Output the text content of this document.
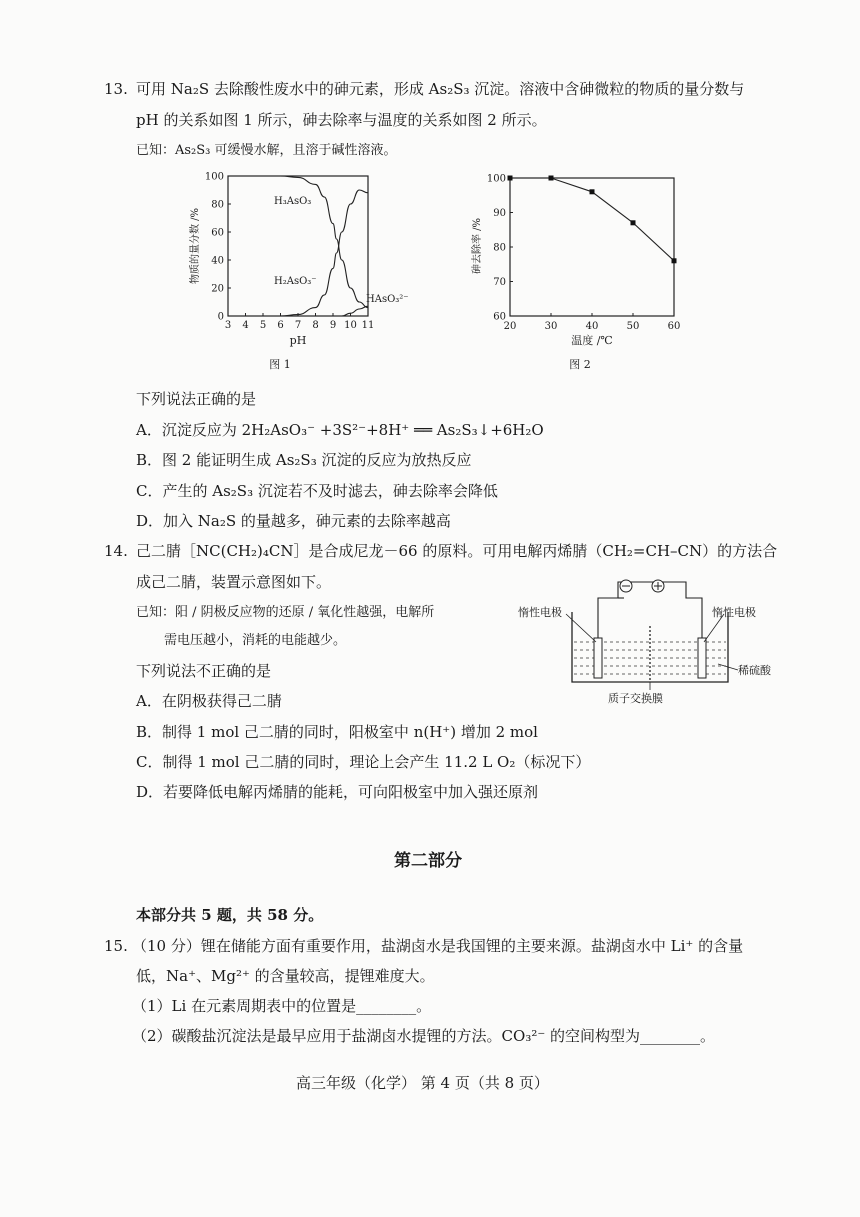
13. 可用 Na₂S 去除酸性废水中的砷元素，形成 As₂S₃ 沉淀。溶液中含砷微粒的物质的量分数与
pH 的关系如图 1 所示，砷去除率与温度的关系如图 2 所示。
已知：As₂S₃ 可缓慢水解，且溶于碱性溶液。
3 4 5 6 7 8 9 10 11
0
20
40
60
80
100
物质的量分数 /%
pH
H₃AsO₃
H₂AsO₃⁻
HAsO₃²⁻
图 1
20	30	40	50	60
60
70
80
90
100
砷去除率 /%
温度 /℃
图 2
下列说法正确的是
A．沉淀反应为 2H₂AsO₃⁻ +3S²⁻+8H⁺ ══ As₂S₃↓+6H₂O
B．图 2 能证明生成 As₂S₃ 沉淀的反应为放热反应
C．产生的 As₂S₃ 沉淀若不及时滤去，砷去除率会降低
D．加入 Na₂S 的量越多，砷元素的去除率越高
14. 己二腈［NC(CH₂)₄CN］是合成尼龙－66 的原料。可用电解丙烯腈（CH₂=CH–CN）的方法合
成己二腈，装置示意图如下。
已知：阳 / 阴极反应物的还原 / 氧化性越强，电解所
需电压越小，消耗的电能越少。
下列说法不正确的是
A．在阴极获得己二腈
B．制得 1 mol 己二腈的同时，阳极室中 n(H⁺) 增加 2 mol
C．制得 1 mol 己二腈的同时，理论上会产生 11.2 L O₂（标况下）
D．若要降低电解丙烯腈的能耗，可向阳极室中加入强还原剂
惰性电极	惰性电极
稀硫酸
质子交换膜
第二部分
本部分共 5 题，共 58 分。
15. （10 分）锂在储能方面有重要作用，盐湖卤水是我国锂的主要来源。盐湖卤水中 Li⁺ 的含量
低，Na⁺、Mg²⁺ 的含量较高，提锂难度大。
（1）Li 在元素周期表中的位置是________。
（2）碳酸盐沉淀法是最早应用于盐湖卤水提锂的方法。CO₃²⁻ 的空间构型为________。
高三年级（化学） 第 4 页（共 8 页）
